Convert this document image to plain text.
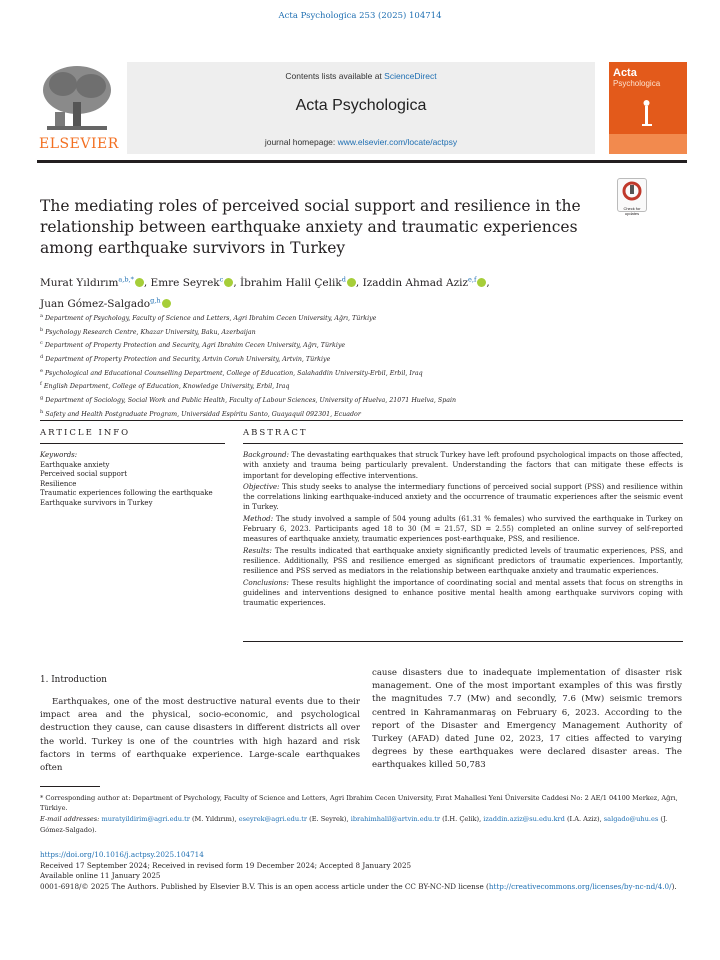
Acta Psychologica 253 (2025) 104714
ELSEVIER
Contents lists available at ScienceDirect
Acta Psychologica
journal homepage: www.elsevier.com/locate/actpsy
Acta
Psychologica
Check for updates
The mediating roles of perceived social support and resilience in the relationship between earthquake anxiety and traumatic experiences among earthquake survivors in Turkey
Murat Yıldırım$^{a,b,*}$ , Emre Seyrek$^c$ , İbrahim Halil Çelik$^d$ , Izaddin Ahmad Aziz$^{e,f}$ ,
Juan Gómez-Salgado$^{g,h}$
$^a$ Department of Psychology, Faculty of Science and Letters, Agri Ibrahim Cecen University, Ağrı, Türkiye
$^b$ Psychology Research Centre, Khazar University, Baku, Azerbaijan
$^c$ Department of Property Protection and Security, Agri Ibrahim Cecen University, Ağrı, Türkiye
$^d$ Department of Property Protection and Security, Artvin Coruh University, Artvin, Türkiye
$^e$ Psychological and Educational Counselling Department, College of Education, Salahaddin University-Erbil, Erbil, Iraq
$^f$ English Department, College of Education, Knowledge University, Erbil, Iraq
$^g$ Department of Sociology, Social Work and Public Health, Faculty of Labour Sciences, University of Huelva, 21071 Huelva, Spain
$^h$ Safety and Health Postgraduate Program, Universidad Espíritu Santo, Guayaquil 092301, Ecuador
ARTICLE INFO	ABSTRACT
Keywords:
Earthquake anxiety
Perceived social support
Resilience
Traumatic experiences following the earthquake
Earthquake survivors in Turkey

Background: The devastating earthquakes that struck Turkey have left profound psychological impacts on those affected, with anxiety and trauma being particularly prevalent. Understanding the factors that can mitigate these effects is important for developing effective interventions.

Objective: This study seeks to analyse the intermediary functions of perceived social support (PSS) and resilience within the correlations linking earthquake-induced anxiety and the occurrence of traumatic experiences after the seismic event in Turkey.

Method: The study involved a sample of 504 young adults (61.31 % females) who survived the earthquake in Turkey on February 6, 2023. Participants aged 18 to 30 (M = 21.57, SD = 2.55) completed an online survey of self-reported measures of earthquake anxiety, traumatic experiences post-earthquake, PSS, and resilience.

Results: The results indicated that earthquake anxiety significantly predicted levels of traumatic experiences, PSS, and resilience. Additionally, PSS and resilience emerged as significant predictors of traumatic experiences. Importantly, resilience and PSS served as mediators in the relationship between earthquake anxiety and traumatic experiences.

Conclusions: These results highlight the importance of coordinating social and mental assets that focus on strengths in guidelines and interventions designed to enhance positive mental health among earthquake survivors coping with traumatic experiences.

1. Introduction

Earthquakes, one of the most destructive natural events due to their impact area and the physical, socio-economic, and psychological destruction they cause, can cause disasters in different districts all over the world. Turkey is one of the countries with high hazard and risk factors in terms of earthquake experience. Large-scale earthquakes often

cause disasters due to inadequate implementation of disaster risk management. One of the most important examples of this was firstly the magnitudes 7.7 (Mw) and secondly, 7.6 (Mw) seismic tremors centred in Kahramanmaraş on February 6, 2023. According to the report of the Disaster and Emergency Management Authority of Turkey (AFAD) dated June 02, 2023, 17 cities affected to varying degrees by these earthquakes were declared disaster areas. The earthquakes killed 50,783

* Corresponding author at: Department of Psychology, Faculty of Science and Letters, Agri Ibrahim Cecen University, Fırat Mahallesi Yeni Üniversite Caddesi No: 2 AE/1 04100 Merkez, Ağrı, Türkiye.

E-mail addresses: muratyildirim@agri.edu.tr (M. Yıldırım), eseyrek@agri.edu.tr (E. Seyrek), ibrahimhalil@artvin.edu.tr (İ.H. Çelik), izaddin.aziz@su.edu.krd (I.A. Aziz), salgado@uhu.es (J. Gómez-Salgado).

https://doi.org/10.1016/j.actpsy.2025.104714

Received 17 September 2024; Received in revised form 19 December 2024; Accepted 8 January 2025

Available online 11 January 2025

0001-6918/© 2025 The Authors. Published by Elsevier B.V. This is an open access article under the CC BY-NC-ND license (http://creativecommons.org/licenses/by-nc-nd/4.0/).
